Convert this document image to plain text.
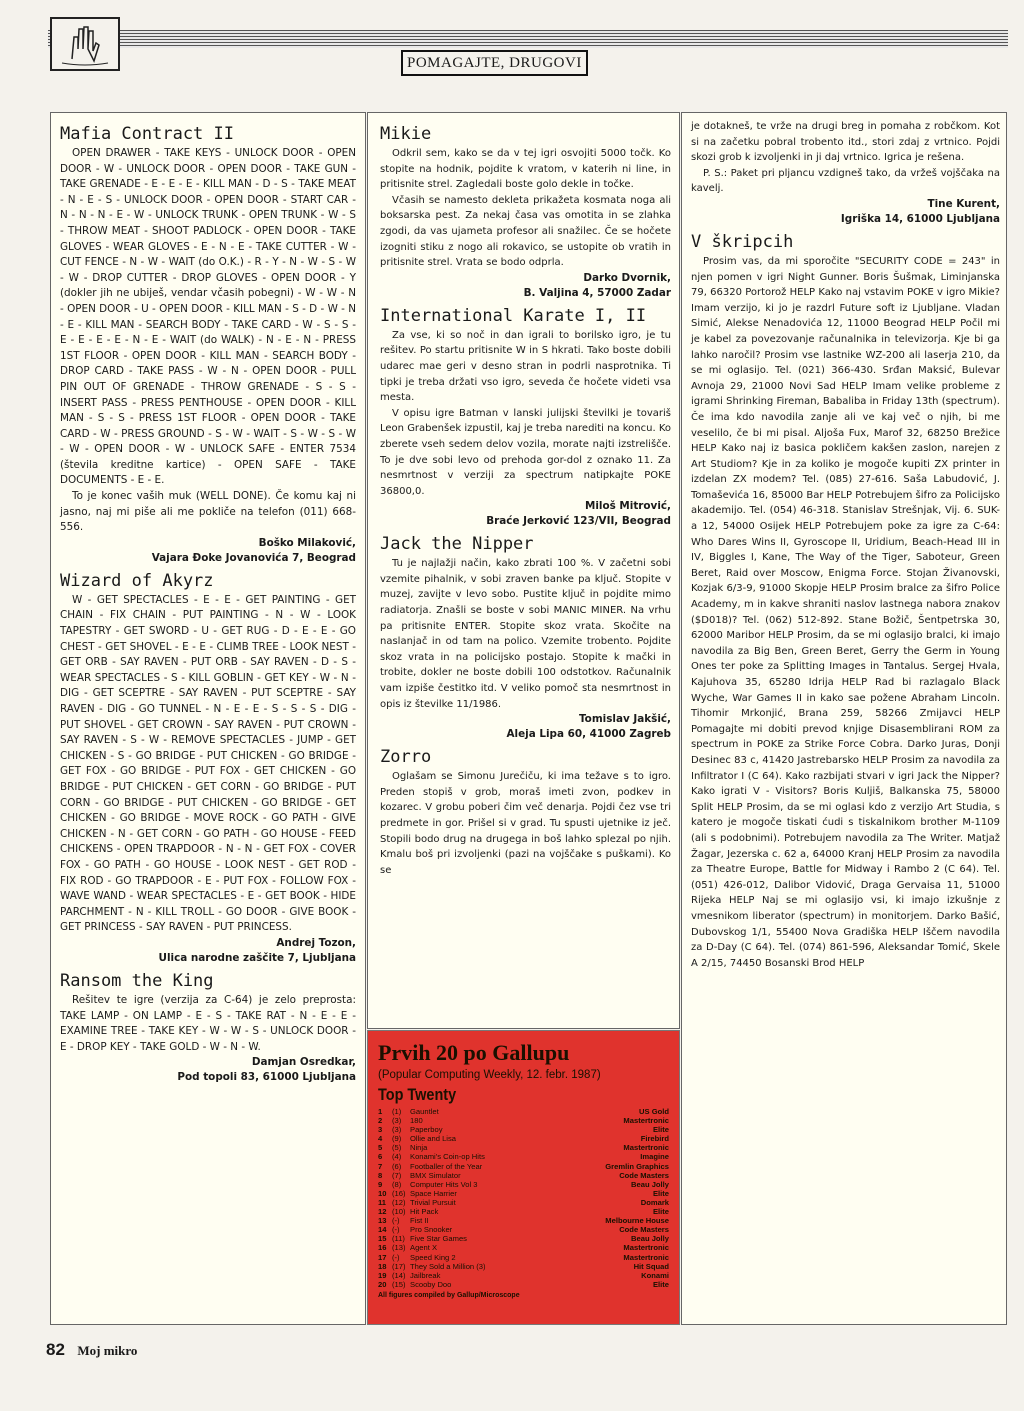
POMAGAJTE, DRUGOVI
Mafia Contract II

OPEN DRAWER - TAKE KEYS - UNLOCK DOOR - OPEN DOOR - W - UNLOCK DOOR - OPEN DOOR - TAKE GUN - TAKE GRENADE - E - E - E - KILL MAN - D - S - TAKE MEAT - N - E - S - UNLOCK DOOR - OPEN DOOR - START CAR - N - N - N - E - W - UNLOCK TRUNK - OPEN TRUNK - W - S - THROW MEAT - SHOOT PADLOCK - OPEN DOOR - TAKE GLOVES - WEAR GLOVES - E - N - E - TAKE CUTTER - W - CUT FENCE - N - W - WAIT (do O.K.) - R - Y - N - W - S - W - W - DROP CUTTER - DROP GLOVES - OPEN DOOR - Y (dokler jih ne ubiješ, vendar včasih pobegni) - W - W - N - OPEN DOOR - U - OPEN DOOR - KILL MAN - S - D - W - N - E - KILL MAN - SEARCH BODY - TAKE CARD - W - S - S - E - E - E - E - N - E - WAIT (do WALK) - N - E - N - PRESS 1ST FLOOR - OPEN DOOR - KILL MAN - SEARCH BODY - DROP CARD - TAKE PASS - W - N - OPEN DOOR - PULL PIN OUT OF GRENADE - THROW GRENADE - S - S - INSERT PASS - PRESS PENTHOUSE - OPEN DOOR - KILL MAN - S - S - PRESS 1ST FLOOR - OPEN DOOR - TAKE CARD - W - PRESS GROUND - S - W - WAIT - S - W - S - W - W - OPEN DOOR - W - UNLOCK SAFE - ENTER 7534 (števila kreditne kartice) - OPEN SAFE - TAKE DOCUMENTS - E - E.

To je konec vaših muk (WELL DONE). Če komu kaj ni jasno, naj mi piše ali me pokliče na telefon (011) 668-556.

Boško Milaković,
Vajara Đoke Jovanovića 7, Beograd
Wizard of Akyrz

W - GET SPECTACLES - E - E - GET PAINTING - GET CHAIN - FIX CHAIN - PUT PAINTING - N - W - LOOK TAPESTRY - GET SWORD - U - GET RUG - D - E - E - GO CHEST - GET SHOVEL - E - E - CLIMB TREE - LOOK NEST - GET ORB - SAY RAVEN - PUT ORB - SAY RAVEN - D - S - WEAR SPECTACLES - S - KILL GOBLIN - GET KEY - W - N - DIG - GET SCEPTRE - SAY RAVEN - PUT SCEPTRE - SAY RAVEN - DIG - GO TUNNEL - N - E - E - S - S - S - DIG - PUT SHOVEL - GET CROWN - SAY RAVEN - PUT CROWN - SAY RAVEN - S - W - REMOVE SPECTACLES - JUMP - GET CHICKEN - S - GO BRIDGE - PUT CHICKEN - GO BRIDGE - GET FOX - GO BRIDGE - PUT FOX - GET CHICKEN - GO BRIDGE - PUT CHICKEN - GET CORN - GO BRIDGE - PUT CORN - GO BRIDGE - PUT CHICKEN - GO BRIDGE - GET CHICKEN - GO BRIDGE - MOVE ROCK - GO PATH - GIVE CHICKEN - N - GET CORN - GO PATH - GO HOUSE - FEED CHICKENS - OPEN TRAPDOOR - N - N - GET FOX - COVER FOX - GO PATH - GO HOUSE - LOOK NEST - GET ROD - FIX ROD - GO TRAPDOOR - E - PUT FOX - FOLLOW FOX - WAVE WAND - WEAR SPECTACLES - E - GET BOOK - HIDE PARCHMENT - N - KILL TROLL - GO DOOR - GIVE BOOK - GET PRINCESS - SAY RAVEN - PUT PRINCESS.

Andrej Tozon,
Ulica narodne zaščite 7, Ljubljana
Ransom the King

Rešitev te igre (verzija za C-64) je zelo preprosta: TAKE LAMP - ON LAMP - E - S - TAKE RAT - N - E - E - EXAMINE TREE - TAKE KEY - W - W - S - UNLOCK DOOR - E - DROP KEY - TAKE GOLD - W - N - W.

Damjan Osredkar,
Pod topoli 83, 61000 Ljubljana
Mikie

Odkril sem, kako se da v tej igri osvojiti 5000 točk. Ko stopite na hodnik, pojdite k vratom, v katerih ni line, in pritisnite strel. Zagledali boste golo dekle in točke.

Včasih se namesto dekleta prikažeta kosmata noga ali boksarska pest. Za nekaj časa vas omotita in se zlahka zgodi, da vas ujameta profesor ali snažilec. Če se hočete izogniti stiku z nogo ali rokavico, se ustopite ob vratih in pritisnite strel. Vrata se bodo odprla.

Darko Dvornik,
B. Valjina 4, 57000 Zadar
International Karate I, II

Za vse, ki so noč in dan igrali to borilsko igro, je tu rešitev. Po startu pritisnite W in S hkrati. Tako boste dobili udarec mae geri v desno stran in podrli nasprotnika. Ti tipki je treba držati vso igro, seveda če hočete videti vsa mesta.

V opisu igre Batman v lanski julijski številki je tovariš Leon Grabenšek izpustil, kaj je treba narediti na koncu. Ko zberete vseh sedem delov vozila, morate najti izstrelišče. To je dve sobi levo od prehoda gor-dol z oznako 11. Za nesmrtnost v verziji za spectrum natipkajte POKE 36800,0.

Miloš Mitrović,
Braće Jerković 123/VII, Beograd
Jack the Nipper

Tu je najlažji način, kako zbrati 100 %. V začetni sobi vzemite pihalnik, v sobi zraven banke pa ključ. Stopite v muzej, zavijte v levo sobo. Pustite ključ in pojdite mimo radiatorja. Znašli se boste v sobi MANIC MINER. Na vrhu pa pritisnite ENTER. Stopite skoz vrata. Skočite na naslanjač in od tam na polico. Vzemite trobento. Pojdite skoz vrata in na policijsko postajo. Stopite k mački in trobite, dokler ne boste dobili 100 odstotkov. Računalnik vam izpiše čestitko itd. V veliko pomoč sta nesmrtnost in opis iz številke 11/1986.

Tomislav Jakšić,
Aleja Lipa 60, 41000 Zagreb
Zorro

Oglašam se Simonu Jurečiču, ki ima težave s to igro. Preden stopiš v grob, moraš imeti zvon, podkev in kozarec. V grobu poberi čim več denarja. Pojdi čez vse tri predmete in gor. Prišel si v grad. Tu spusti ujetnike iz ječ. Stopili bodo drug na drugega in boš lahko splezal po njih. Kmalu boš pri izvoljenki (pazi na vojščake s puškami). Ko se

Prvih 20 po Gallupu
(Popular Computing Weekly, 12. febr. 1987)
Top Twenty
1	(1)	Gauntlet	US Gold
2	(3)	180	Mastertronic
3	(3)	Paperboy	Elite
4	(9)	Ollie and Lisa	Firebird
5	(5)	Ninja	Mastertronic
6	(4)	Konami's Coin-op Hits	Imagine
7	(6)	Footballer of the Year	Gremlin Graphics
8	(7)	BMX Simulator	Code Masters
9	(8)	Computer Hits Vol 3	Beau Jolly
10 (16) Space Harrier	Elite
11 (12) Trivial Pursuit	Domark
12 (10) Hit Pack	Elite
13 (-)	Fist II	Melbourne House
14 (-)	Pro Snooker	Code Masters
15 (11) Five Star Games	Beau Jolly
16 (13) Agent X	Mastertronic
17 (-)	Speed King 2	Mastertronic
18 (17) They Sold a Million (3)	Hit Squad
19 (14) Jailbreak	Konami
20 (15) Scooby Doo	Elite
All figures compiled by Gallup/Microscope

je dotakneš, te vrže na drugi breg in pomaha z robčkom. Kot si na začetku pobral trobento itd., stori zdaj z vrtnico. Pojdi skozi grob k izvoljenki in ji daj vrtnico. Igrica je rešena.

P. S.: Paket pri pljancu vzdigneš tako, da vržeš vojščaka na kavelj.

Tine Kurent,
Igriška 14, 61000 Ljubljana
V škripcih

Prosim vas, da mi sporočite "SECURITY CODE = 243" in njen pomen v igri Night Gunner. Boris Šušmak, Liminjanska 79, 66320 Portorož HELP Kako naj vstavim POKE v igro Mikie? Imam verzijo, ki jo je razdrl Future soft iz Ljubljane. Vladan Simić, Alekse Nenadovića 12, 11000 Beograd HELP Počil mi je kabel za povezovanje računalnika in televizorja. Kje bi ga lahko naročil? Prosim vse lastnike WZ-200 ali laserja 210, da se mi oglasijo. Tel. (021) 366-430. Srđan Maksić, Bulevar Avnoja 29, 21000 Novi Sad HELP Imam velike probleme z igrami Shrinking Fireman, Babaliba in Friday 13th (spectrum). Če ima kdo navodila zanje ali ve kaj več o njih, bi me veselilo, če bi mi pisal. Aljoša Fux, Marof 32, 68250 Brežice HELP Kako naj iz basica pokličem kakšen zaslon, narejen z Art Studiom? Kje in za koliko je mogoče kupiti ZX printer in izdelan ZX modem? Tel. (085) 27-616. Saša Labudović, J. Tomaševića 16, 85000 Bar HELP Potrebujem šifro za Policijsko akademijo. Tel. (054) 46-318. Stanislav Strešnjak, Vij. 6. SUK-a 12, 54000 Osijek HELP Potrebujem poke za igre za C-64: Who Dares Wins II, Gyroscope II, Uridium, Beach-Head III in IV, Biggles I, Kane, The Way of the Tiger, Saboteur, Green Beret, Raid over Moscow, Enigma Force. Stojan Živanovski, Kozjak 6/3-9, 91000 Skopje HELP Prosim bralce za šifro Police Academy, m in kakve shraniti naslov lastnega nabora znakov ($D018)? Tel. (062) 512-892. Stane Božič, Šentpetrska 30, 62000 Maribor HELP Prosim, da se mi oglasijo bralci, ki imajo navodila za Big Ben, Green Beret, Gerry the Germ in Young Ones ter poke za Splitting Images in Tantalus. Sergej Hvala, Kajuhova 35, 65280 Idrija HELP Rad bi razlagalo Black Wyche, War Games II in kako sae požene Abraham Lincoln. Tihomir Mrkonjić, Brana 259, 58266 Zmijavci HELP Pomagajte mi dobiti prevod knjige Disasemblirani ROM za spectrum in POKE za Strike Force Cobra. Darko Juras, Donji Desinec 83 c, 41420 Jastrebarsko HELP Prosim za navodila za Infiltrator I (C 64). Kako razbijati stvari v igri Jack the Nipper? Kako igrati V - Visitors? Boris Kuljiš, Balkanska 75, 58000 Split HELP Prosim, da se mi oglasi kdo z verzijo Art Studia, s katero je mogoče tiskati ćudi s tiskalnikom brother M-1109 (ali s podobnimi). Potrebujem navodila za The Writer. Matjaž Žagar, Jezerska c. 62 a, 64000 Kranj HELP Prosim za navodila za Theatre Europe, Battle for Midway i Rambo 2 (C 64). Tel. (051) 426-012, Dalibor Vidović, Draga Gervaisa 11, 51000 Rijeka HELP Naj se mi oglasijo vsi, ki imajo izkušnje z vmesnikom liberator (spectrum) in monitorjem. Darko Bašić, Dubovskog 1/1, 55400 Nova Gradiška HELP Iščem navodila za D-Day (C 64). Tel. (074) 861-596, Aleksandar Tomić, Skele A 2/15, 74450 Bosanski Brod HELP

82 Moj mikro
